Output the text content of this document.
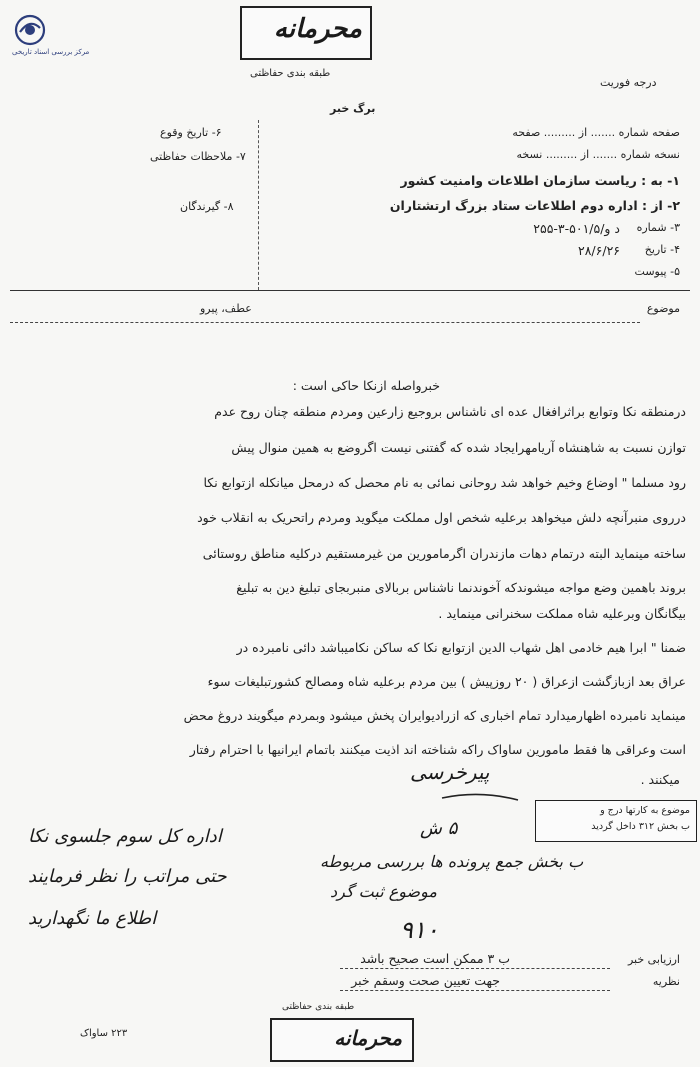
مرکز بررسی اسناد تاریخی
محرمانه
طبقه بندی حفاظتی
درجه فوریت
برگ خبر
صفحه شماره ....... از ......... صفحه
نسخه شماره ....... از ......... نسخه
۱- به : ریاست سازمان اطلاعات وامنیت کشور
۲- از : اداره دوم اطلاعات ستاد بزرگ ارتشتاران
۳- شماره
۲۵۵-۳-۵۰۱/۵/د و
۴- تاریخ
۲۸/۶/۲۶
۵- پیوست
۶- تاریخ وقوع
۷- ملاحظات حفاظتی
۸- گیرندگان
موضوع
عطف، پیرو
خبرواصله ازنکا حاکی است :
درمنطقه نکا وتوابع براثرافغال عده ای ناشناس بروجیع زارعین ومردم منطقه چنان روح عدم
توازن نسبت به شاهنشاه آریامهرایجاد شده که گفتنی نیست اگروضع به همین منوال پیش
رود مسلما " اوضاع وخیم خواهد شد روحانی نمائی به نام محصل که درمحل میانکله ازتوابع نکا
درروی منبرآنچه دلش میخواهد برعلیه شخص اول مملکت میگوید ومردم راتحریک به انقلاب خود
ساخته مینماید البته درتمام دهات مازندران اگرمامورین من غیرمستقیم درکلیه مناطق روستائی
بروند باهمین وضع مواجه میشوندکه آخوندنما ناشناس بربالای منبربجای تبلیغ دین به تبلیغ
بیگانگان وبرعلیه شاه مملکت سخنرانی مینماید .
ضمنا " ابرا هیم خادمی اهل شهاب الدین ازتوابع نکا که ساکن نکامیباشد دائی نامبرده در
عراق بعد ازبازگشت ازعراق ( ۲۰ روزپیش ) بین مردم برعلیه شاه ومصالح کشورتبلیغات سوء
مینماید نامبرده اظهارمیدارد تمام اخباری که ازرادیوایران پخش میشود وبمردم میگویند دروغ محض
است وعراقی ها فقط مامورین ساواک راکه شناخته اند اذیت میکنند باتمام ایرانیها با احترام رفتار
میکنند .
پیرخرسی
موضوع به کارتها درج و
ب بخش ۳۱۲ داخل گردید
اداره کل سوم جلسوی نکا
حتی مراتب را نظر فرمایند
اطلاع ما نگهدارید
۵ ش
ب بخش جمع پرونده ها بررسی مربوطه
موضوع ثبت گرد
۹۱۰
ارزیابی خبر
ب ۳ ممکن است صحیح باشد
نظریه
جهت تعیین صحت وسقم خبر
طبقه بندی حفاظتی
محرمانه
۲۲۳ ساواک
